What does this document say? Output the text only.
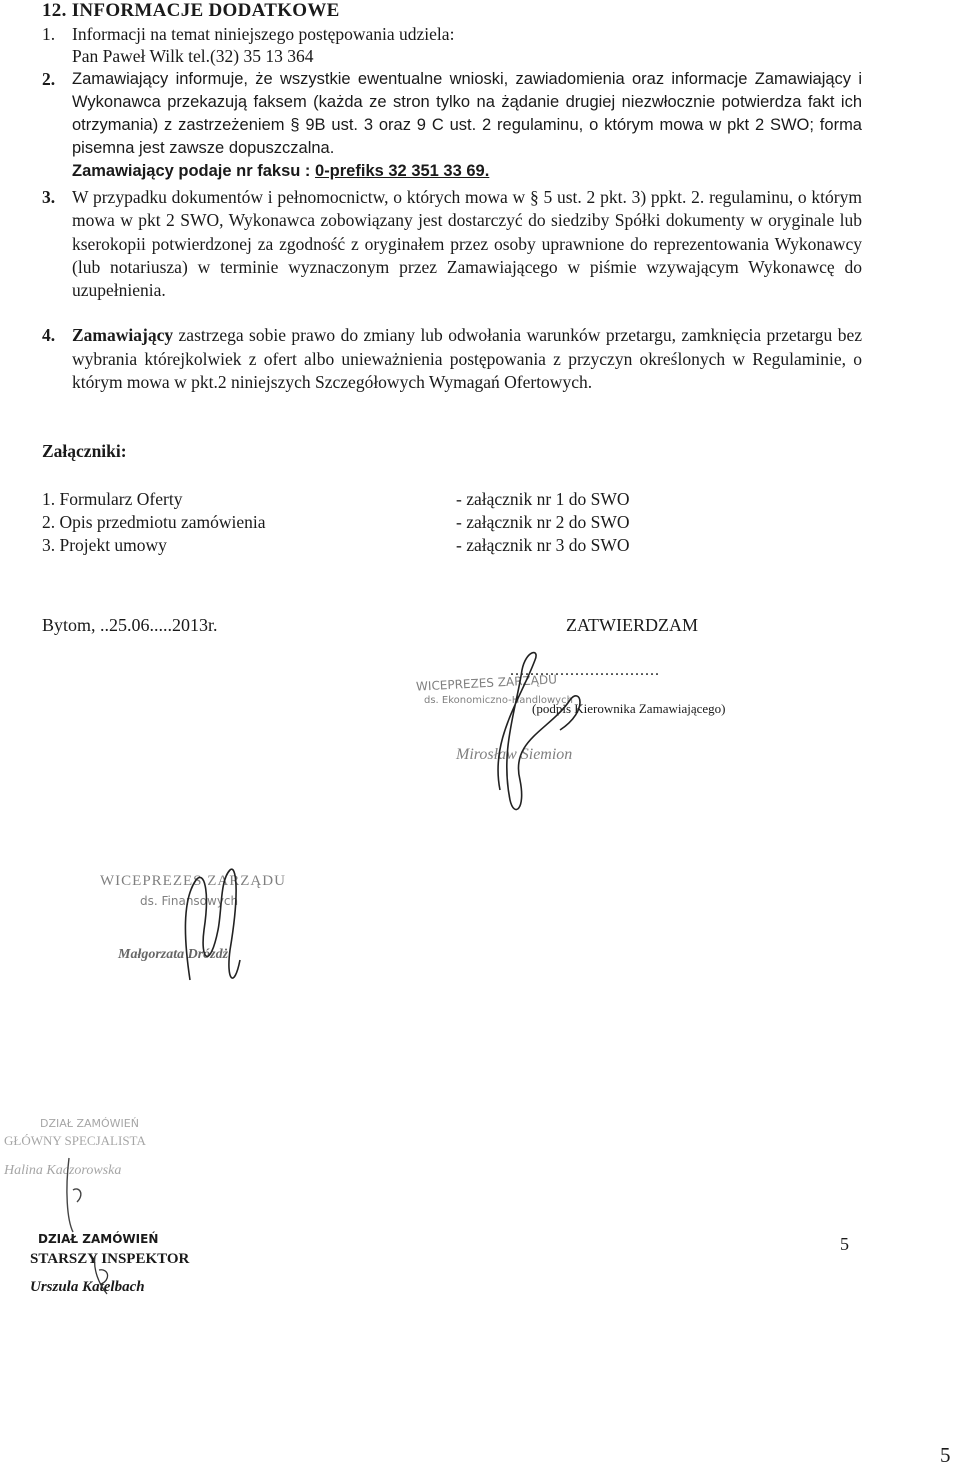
12. INFORMACJE DODATKOWE
1. Informacji na temat niniejszego postępowania udziela:
Pan Paweł Wilk tel.(32) 35 13 364
2. Zamawiający informuje, że wszystkie ewentualne wnioski, zawiadomienia oraz informacje Zamawiający i Wykonawca przekazują faksem (każda ze stron tylko na żądanie drugiej niezwłocznie potwierdza fakt ich otrzymania) z zastrzeżeniem § 9B ust. 3 oraz 9 C ust. 2 regulaminu, o którym mowa w pkt 2 SWO; forma pisemna jest zawsze dopuszczalna.
Zamawiający podaje nr faksu : 0-prefiks 32 351 33 69.
3. W przypadku dokumentów i pełnomocnictw, o których mowa w § 5 ust. 2 pkt. 3) ppkt. 2. regulaminu, o którym mowa w pkt 2 SWO, Wykonawca zobowiązany jest dostarczyć do siedziby Spółki dokumenty w oryginale lub kserokopii potwierdzonej za zgodność z oryginałem przez osoby uprawnione do reprezentowania Wykonawcy (lub notariusza) w terminie wyznaczonym przez Zamawiającego w piśmie wzywającym Wykonawcę do uzupełnienia.
4. Zamawiający zastrzega sobie prawo do zmiany lub odwołania warunków przetargu, zamknięcia przetargu bez wybrania którejkolwiek z ofert albo unieważnienia postępowania z przyczyn określonych w Regulaminie, o którym mowa w pkt.2 niniejszych Szczegółowych Wymagań Ofertowych.
Załączniki:
1. Formularz Oferty	- załącznik nr 1 do SWO
2. Opis przedmiotu zamówienia	- załącznik nr 2 do SWO
3. Projekt umowy	- załącznik nr 3 do SWO
Bytom, ..25.06.....2013r.	ZATWIERDZAM
..............................
(podpis Kierownika Zamawiającego)
WICEPREZES ZARZĄDU
ds. Ekonomiczno-Handlowych
Mirosław Siemion
WICEPREZES ZARZĄDU
ds. Finansowych
Małgorzata Drózdż
DZIAŁ ZAMÓWIEŃ
GŁÓWNY SPECJALISTA
Halina Kaczorowska
DZIAŁ ZAMÓWIEŃ
STARSZY INSPEKTOR
Urszula Katelbach
5
5
